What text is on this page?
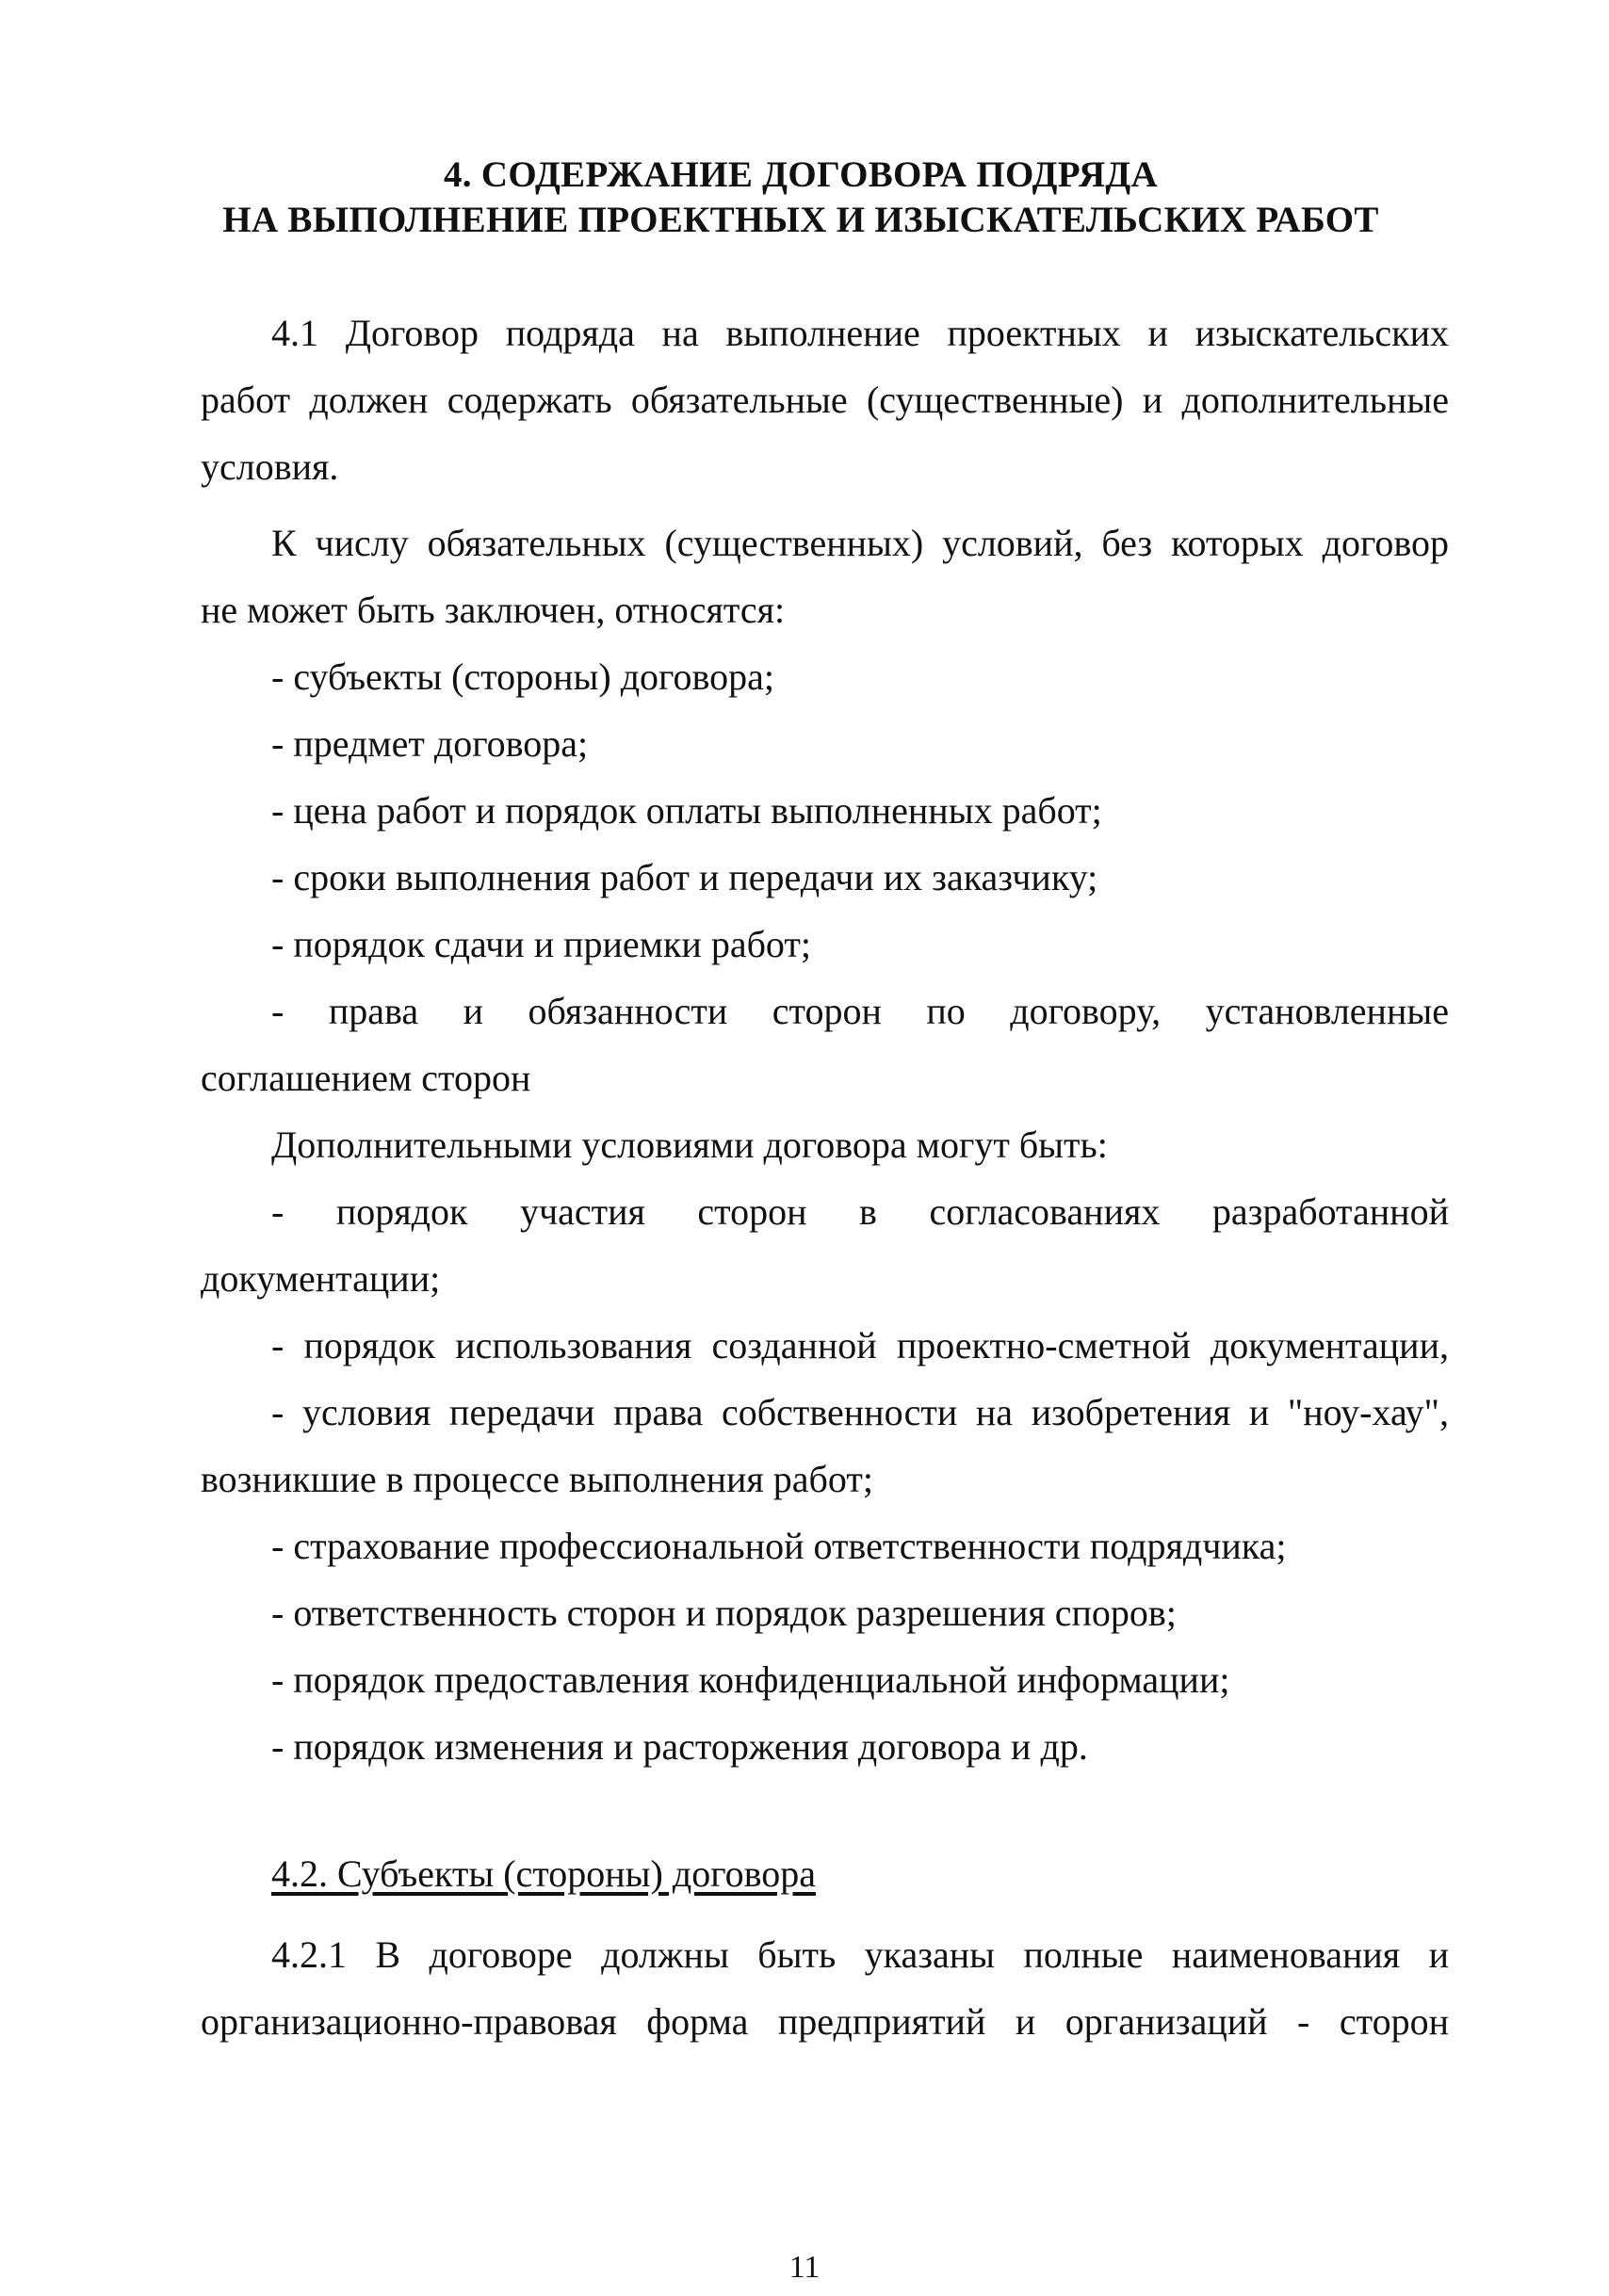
4. СОДЕРЖАНИЕ ДОГОВОРА ПОДРЯДА
НА ВЫПОЛНЕНИЕ ПРОЕКТНЫХ И ИЗЫСКАТЕЛЬСКИХ РАБОТ
4.1 Договор подряда на выполнение проектных и изыскательских
работ должен содержать обязательные (существенные) и дополнительные
условия.
К числу обязательных (существенных) условий, без которых договор
не может быть заключен, относятся:
- субъекты (стороны) договора;
- предмет договора;
- цена работ и порядок оплаты выполненных работ;
- сроки выполнения работ и передачи их заказчику;
- порядок сдачи и приемки работ;
- права и обязанности сторон по договору, установленные
соглашением сторон
Дополнительными условиями договора могут быть:
- порядок участия сторон в согласованиях разработанной
документации;
- порядок использования созданной проектно-сметной документации,
- условия передачи права собственности на изобретения и "ноу-хау",
возникшие в процессе выполнения работ;
- страхование профессиональной ответственности подрядчика;
- ответственность сторон и порядок разрешения споров;
- порядок предоставления конфиденциальной информации;
- порядок изменения и расторжения договора и др.
4.2. Субъекты (стороны) договора
4.2.1 В договоре должны быть указаны полные наименования и
организационно-правовая форма предприятий и организаций - сторон
11
